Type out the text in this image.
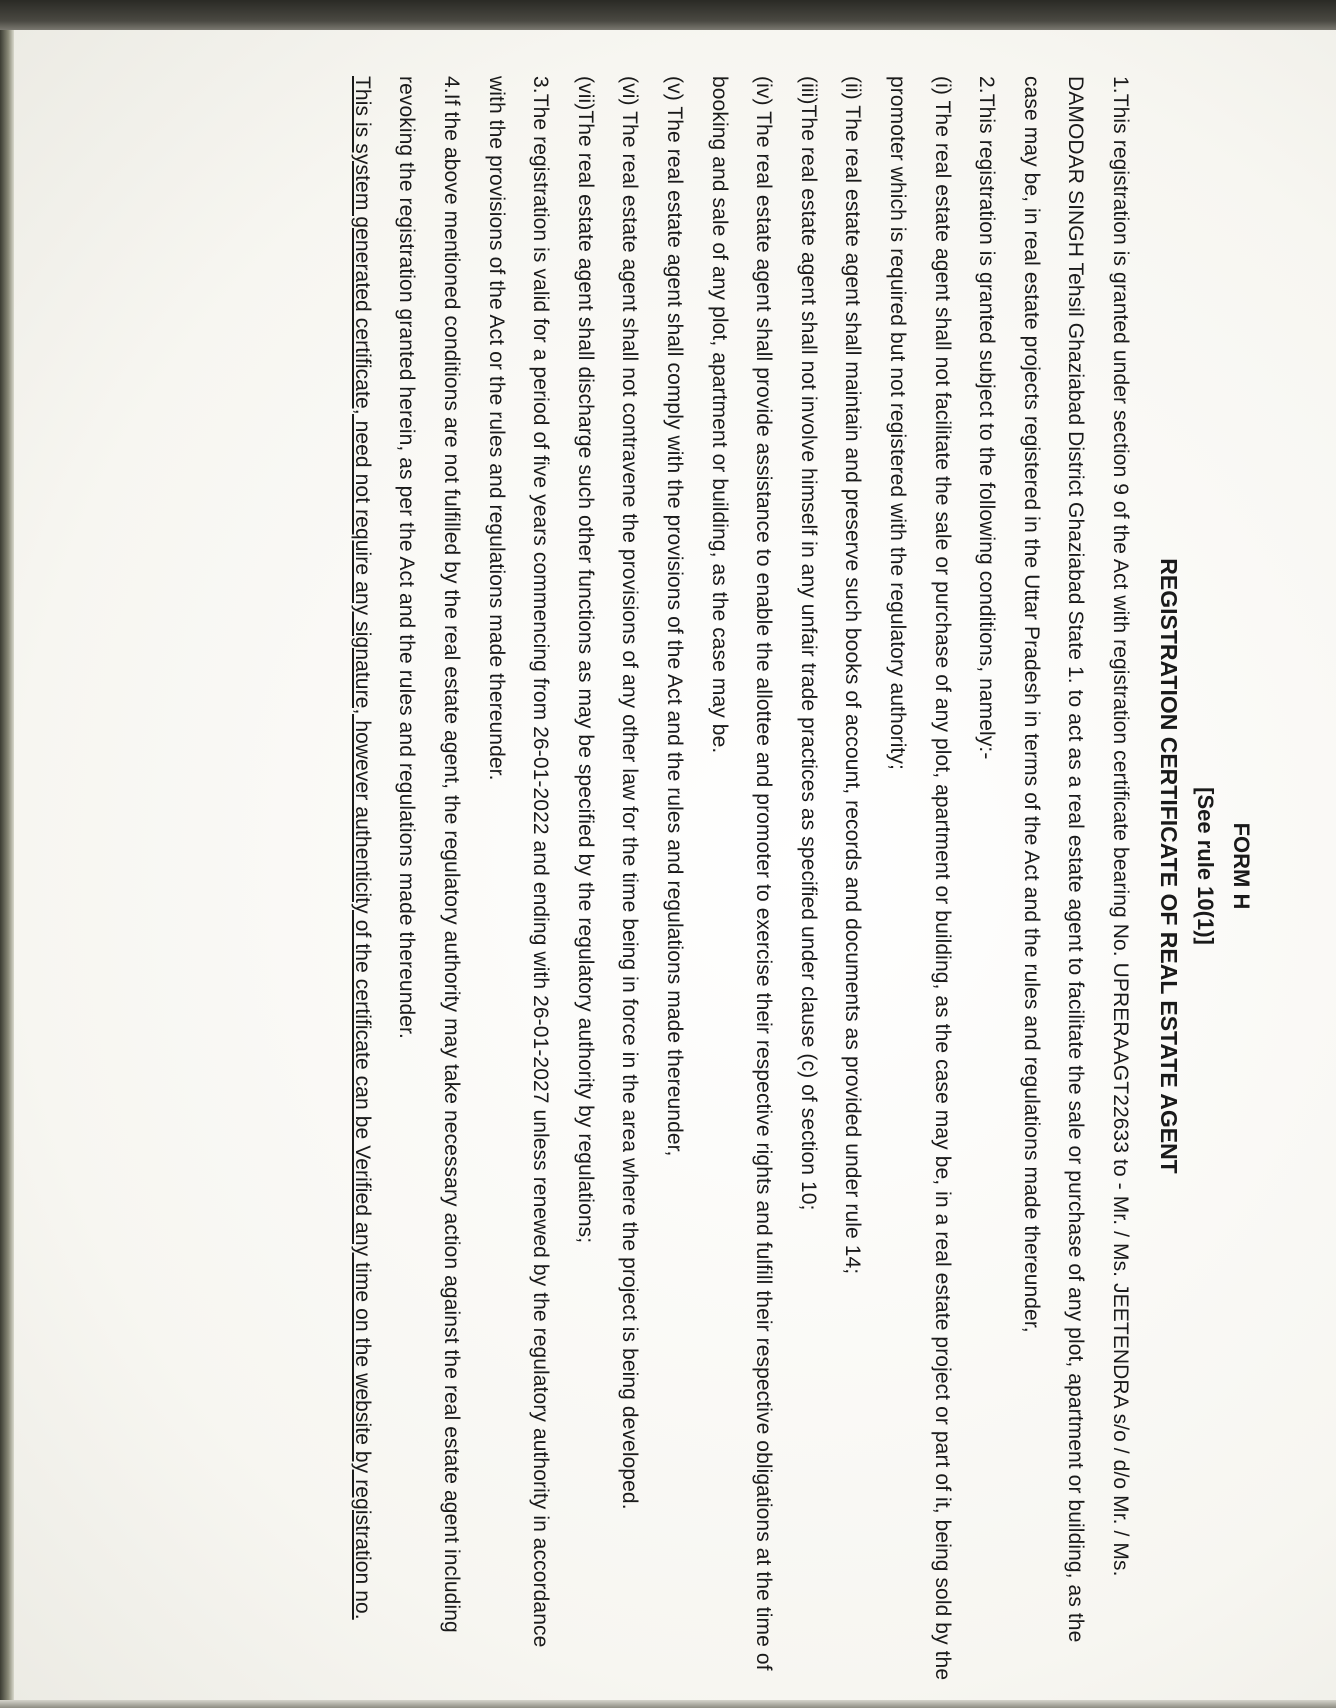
FORM H
[See rule 10(1)]
REGISTRATION CERTIFICATE OF REAL ESTATE AGENT

1.This registration is granted under section 9 of the Act with registration certificate bearing No. UPRERAAGT22633 to - Mr. / Ms. JEETENDRA s/o / d/o Mr. / Ms. DAMODAR SINGH Tehsil Ghaziabad District Ghaziabad State 1. to act as a real estate agent to facilitate the sale or purchase of any plot, apartment or building, as the case may be, in real estate projects registered in the Uttar Pradesh in terms of the Act and the rules and regulations made thereunder,

2.This registration is granted subject to the following conditions, namely:-

(i) The real estate agent shall not facilitate the sale or purchase of any plot, apartment or building, as the case may be, in a real estate project or part of it, being sold by the promoter which is required but not registered with the regulatory authority;

(ii) The real estate agent shall maintain and preserve such books of account, records and documents as provided under rule 14;

(iii)The real estate agent shall not involve himself in any unfair trade practices as specified under clause (c) of section 10;

(iv) The real estate agent shall provide assistance to enable the allottee and promoter to exercise their respective rights and fulfill their respective obligations at the time of booking and sale of any plot, apartment or building, as the case may be.

(v) The real estate agent shall comply with the provisions of the Act and the rules and regulations made thereunder,

(vi) The real estate agent shall not contravene the provisions of any other law for the time being in force in the area where the project is being developed.

(vii)The real estate agent shall discharge such other functions as may be specified by the regulatory authority by regulations;

3.The registration is valid for a period of five years commencing from 26-01-2022 and ending with 26-01-2027 unless renewed by the regulatory authority in accordance with the provisions of the Act or the rules and regulations made thereunder.

4.If the above mentioned conditions are not fulfilled by the real estate agent, the regulatory authority may take necessary action against the real estate agent including revoking the registration granted herein, as per the Act and the rules and regulations made thereunder.

This is system generated certificate, need not require any signature, however authenticity of the certificate can be Verified any time on the website by registration no.
